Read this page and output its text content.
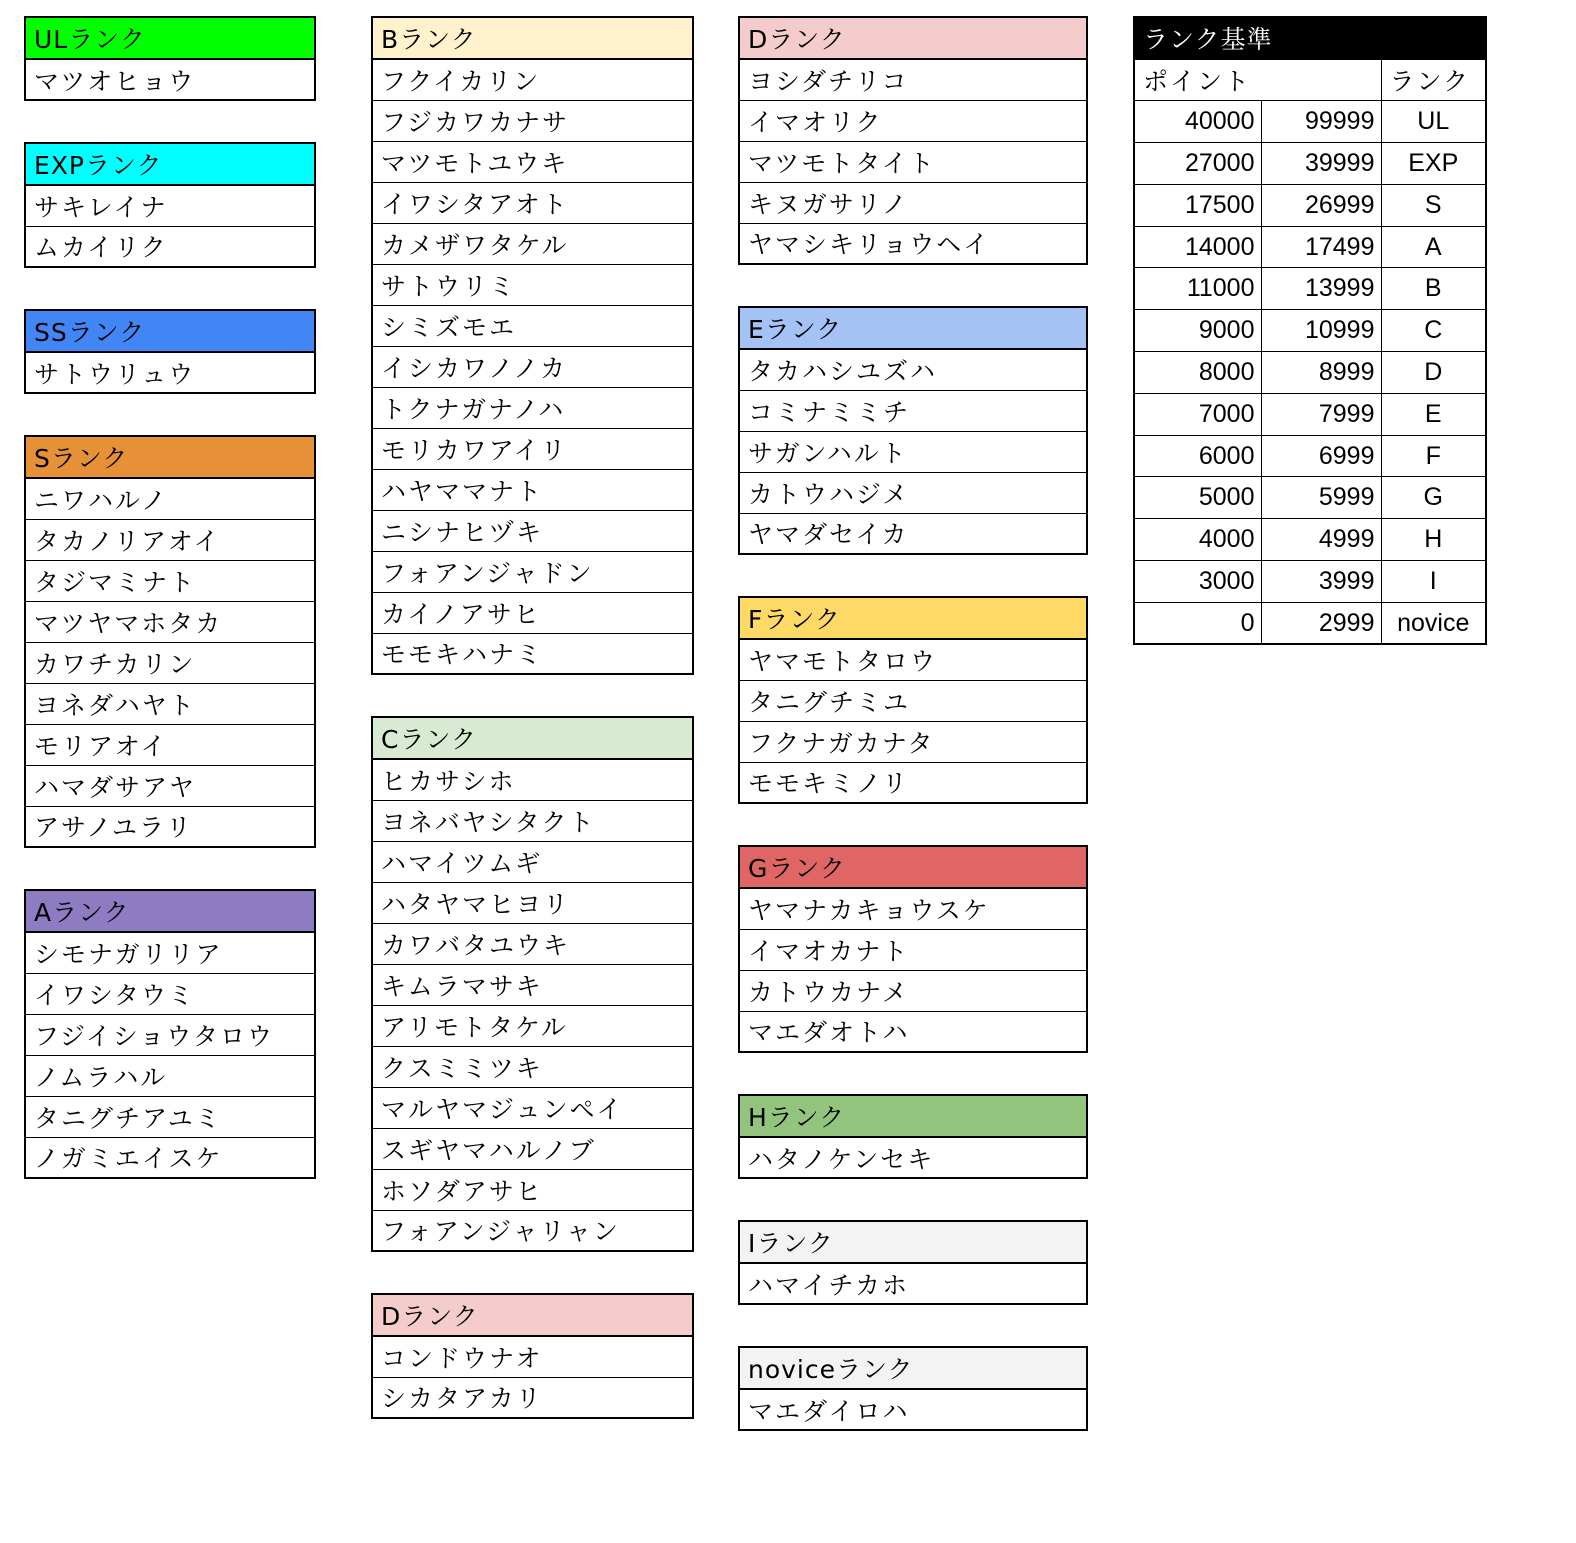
ULランク
マツオヒョウ
EXPランク
サキレイナ
ムカイリク
SSランク
サトウリュウ
Sランク
ニワハルノ
タカノリアオイ
タジマミナト
マツヤマホタカ
カワチカリン
ヨネダハヤト
モリアオイ
ハマダサアヤ
アサノユラリ
Aランク
シモナガリリア
イワシタウミ
フジイショウタロウ
ノムラハル
タニグチアユミ
ノガミエイスケ
Bランク
フクイカリン
フジカワカナサ
マツモトユウキ
イワシタアオト
カメザワタケル
サトウリミ
シミズモエ
イシカワノノカ
トクナガナノハ
モリカワアイリ
ハヤママナト
ニシナヒヅキ
フォアンジャドン
カイノアサヒ
モモキハナミ
Cランク
ヒカサシホ
ヨネバヤシタクト
ハマイツムギ
ハタヤマヒヨリ
カワバタユウキ
キムラマサキ
アリモトタケル
クスミミツキ
マルヤマジュンペイ
スギヤマハルノブ
ホソダアサヒ
フォアンジャリャン
Dランク
コンドウナオ
シカタアカリ
Dランク
ヨシダチリコ
イマオリク
マツモトタイト
キヌガサリノ
ヤマシキリョウヘイ
Eランク
タカハシユズハ
コミナミミチ
サガンハルト
カトウハジメ
ヤマダセイカ
Fランク
ヤマモトタロウ
タニグチミユ
フクナガカナタ
モモキミノリ
Gランク
ヤマナカキョウスケ
イマオカナト
カトウカナメ
マエダオトハ
Hランク
ハタノケンセキ
Iランク
ハマイチカホ
noviceランク
マエダイロハ
ランク基準		
ポイント		ランク
40000	99999	UL
27000	39999	EXP
17500	26999	S
14000	17499	A
11000	13999	B
9000	10999	C
8000	8999	D
7000	7999	E
6000	6999	F
5000	5999	G
4000	4999	H
3000	3999	I
0	2999	novice
